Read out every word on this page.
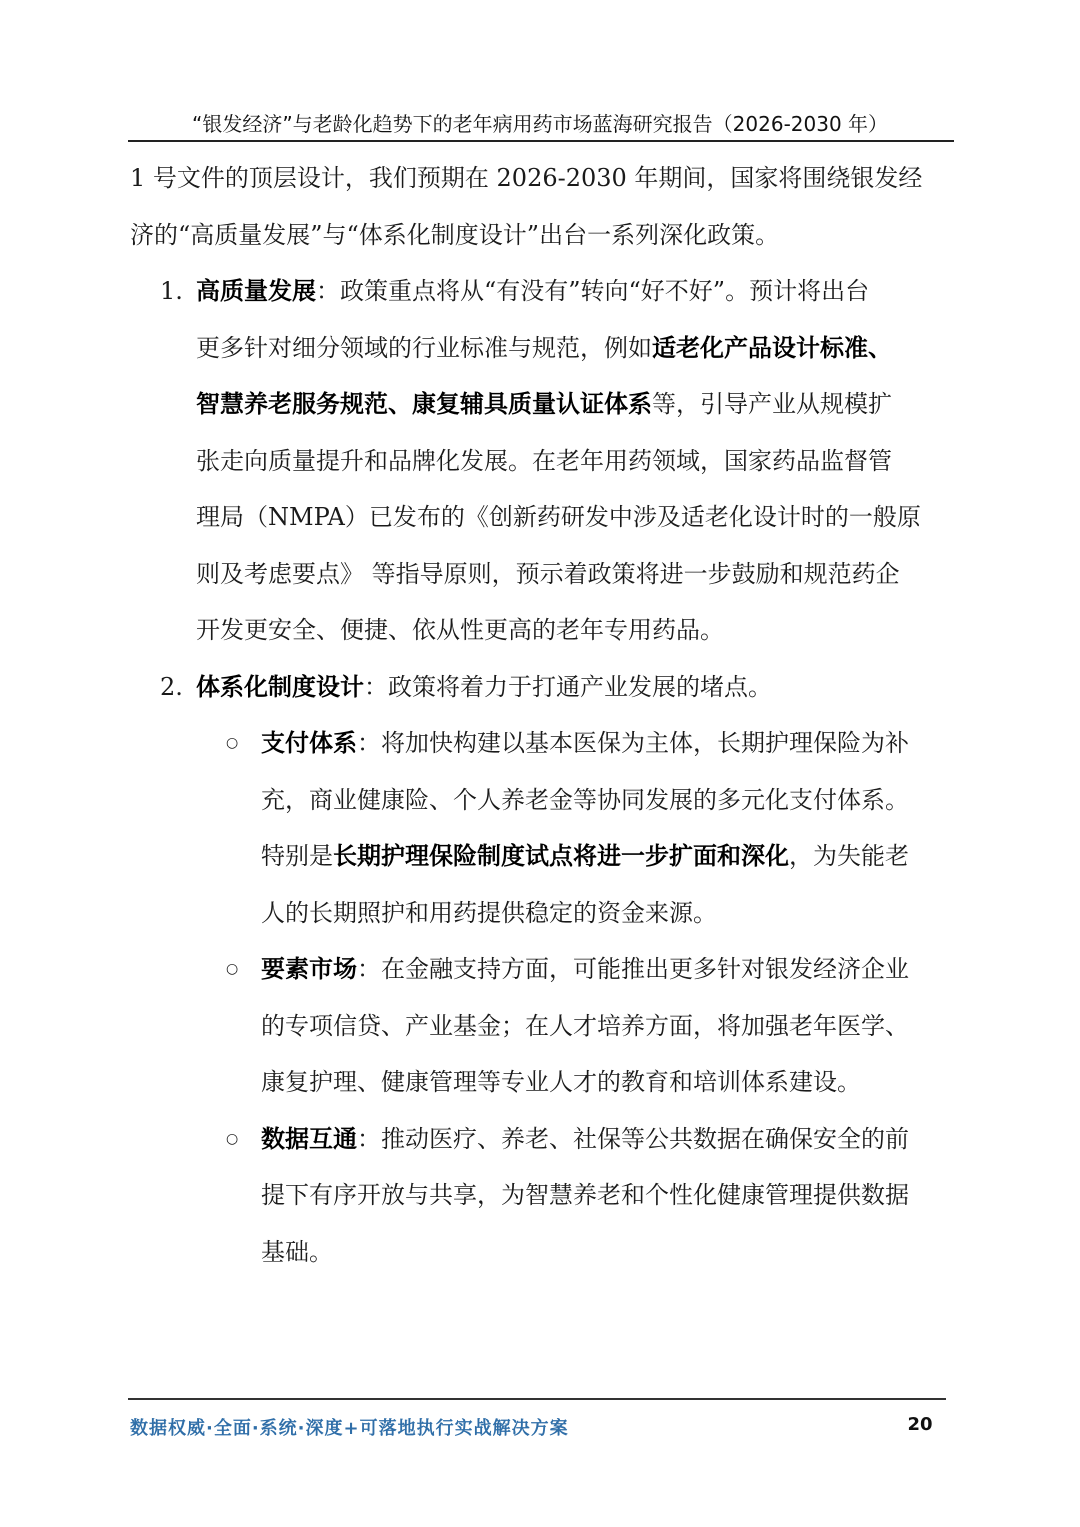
“银发经济”与老龄化趋势下的老年病用药市场蓝海研究报告（2026-2030 年）

1 号文件的顶层设计，我们预期在 2026-2030 年期间，国家将围绕银发经
济的“高质量发展”与“体系化制度设计”出台一系列深化政策。

1. 高质量发展：政策重点将从“有没有”转向“好不好”。预计将出台
更多针对细分领域的行业标准与规范，例如适老化产品设计标准、
智慧养老服务规范、康复辅具质量认证体系等，引导产业从规模扩
张走向质量提升和品牌化发展。在老年用药领域，国家药品监督管
理局（NMPA）已发布的《创新药研发中涉及适老化设计时的一般原
则及考虑要点》 等指导原则，预示着政策将进一步鼓励和规范药企
开发更安全、便捷、依从性更高的老年专用药品。
2. 体系化制度设计：政策将着力于打通产业发展的堵点。
○ 支付体系：将加快构建以基本医保为主体，长期护理保险为补
充，商业健康险、个人养老金等协同发展的多元化支付体系。
特别是长期护理保险制度试点将进一步扩面和深化，为失能老
人的长期照护和用药提供稳定的资金来源。
○ 要素市场：在金融支持方面，可能推出更多针对银发经济企业
的专项信贷、产业基金；在人才培养方面，将加强老年医学、
康复护理、健康管理等专业人才的教育和培训体系建设。
○ 数据互通：推动医疗、养老、社保等公共数据在确保安全的前
提下有序开放与共享，为智慧养老和个性化健康管理提供数据
基础。
数据权威·全面·系统·深度+可落地执行实战解决方案	20
